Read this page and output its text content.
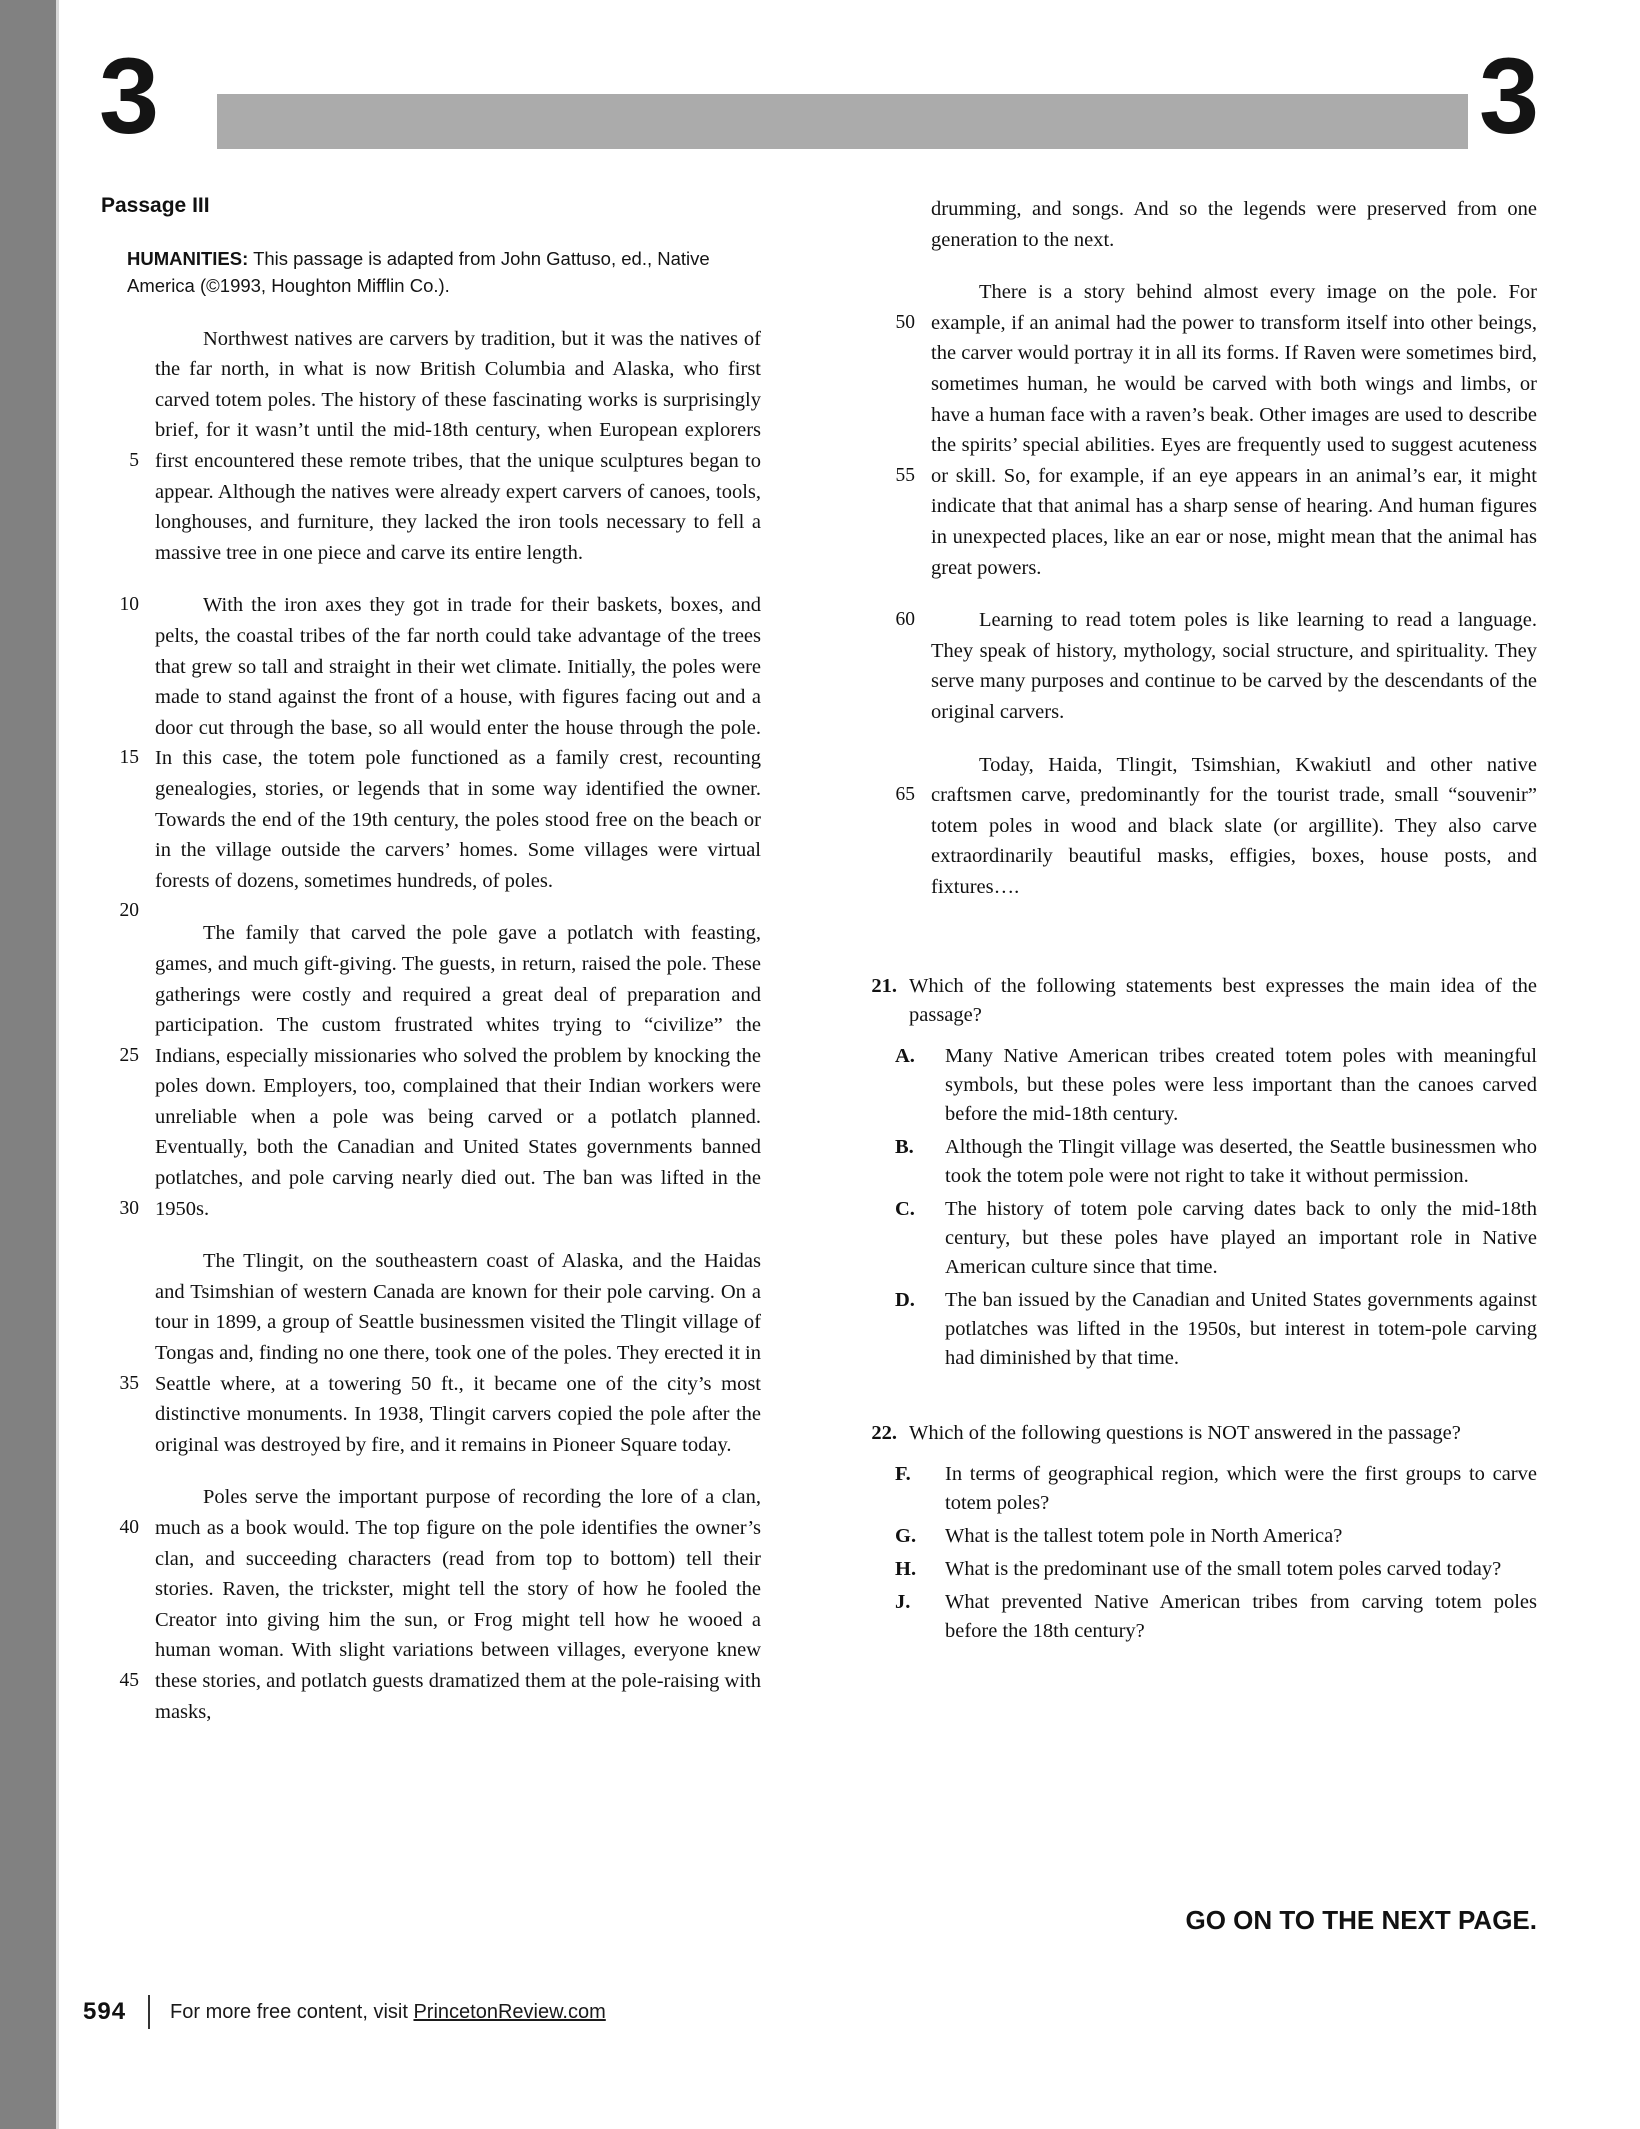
3	3
Passage III

HUMANITIES: This passage is adapted from John Gattuso, ed., Native America (©1993, Houghton Mifflin Co.).

5

Northwest natives are carvers by tradition, but it was the natives of the far north, in what is now British Columbia and Alaska, who first carved totem poles. The history of these fascinating works is surprisingly brief, for it wasn’t until the mid-18th century, when European explorers first encountered these remote tribes, that the unique sculptures began to appear. Although the natives were already expert carvers of canoes, tools, longhouses, and furniture, they lacked the iron tools necessary to fell a massive tree in one piece and carve its entire length.

10
15
20

With the iron axes they got in trade for their baskets, boxes, and pelts, the coastal tribes of the far north could take advantage of the trees that grew so tall and straight in their wet climate. Initially, the poles were made to stand against the front of a house, with figures facing out and a door cut through the base, so all would enter the house through the pole. In this case, the totem pole functioned as a family crest, recounting genealogies, stories, or legends that in some way identified the owner. Towards the end of the 19th century, the poles stood free on the beach or in the village outside the carvers’ homes. Some villages were virtual forests of dozens, sometimes hundreds, of poles.

25
30

The family that carved the pole gave a potlatch with feasting, games, and much gift-giving. The guests, in return, raised the pole. These gatherings were costly and required a great deal of preparation and participation. The custom frustrated whites trying to “civilize” the Indians, especially missionaries who solved the problem by knocking the poles down. Employers, too, complained that their Indian workers were unreliable when a pole was being carved or a potlatch planned. Eventually, both the Canadian and United States governments banned potlatches, and pole carving nearly died out. The ban was lifted in the 1950s.

35

The Tlingit, on the southeastern coast of Alaska, and the Haidas and Tsimshian of western Canada are known for their pole carving. On a tour in 1899, a group of Seattle businessmen visited the Tlingit village of Tongas and, finding no one there, took one of the poles. They erected it in Seattle where, at a towering 50 ft., it became one of the city’s most distinctive monuments. In 1938, Tlingit carvers copied the pole after the original was destroyed by fire, and it remains in Pioneer Square today.

40
45

Poles serve the important purpose of recording the lore of a clan, much as a book would. The top figure on the pole identifies the owner’s clan, and succeeding characters (read from top to bottom) tell their stories. Raven, the trickster, might tell the story of how he fooled the Creator into giving him the sun, or Frog might tell how he wooed a human woman. With slight variations between villages, everyone knew these stories, and potlatch guests dramatized them at the pole-raising with masks,

drumming, and songs. And so the legends were preserved from one generation to the next.

50
55

There is a story behind almost every image on the pole. For example, if an animal had the power to transform itself into other beings, the carver would portray it in all its forms. If Raven were sometimes bird, sometimes human, he would be carved with both wings and limbs, or have a human face with a raven’s beak. Other images are used to describe the spirits’ special abilities. Eyes are frequently used to suggest acuteness or skill. So, for example, if an eye appears in an animal’s ear, it might indicate that that animal has a sharp sense of hearing. And human figures in unexpected places, like an ear or nose, might mean that the animal has great powers.

60	Learning to read totem poles is like learning to read a language. They speak of history, mythology, social structure, and spirituality. They serve many purposes and continue to be carved by the descendants of the original carvers.

65

Today, Haida, Tlingit, Tsimshian, Kwakiutl and other native craftsmen carve, predominantly for the tourist trade, small “souvenir” totem poles in wood and black slate (or argillite). They also carve extraordinarily beautiful masks, effigies, boxes, house posts, and fixtures….

21. Which of the following statements best expresses the main idea of the passage?

A.	Many Native American tribes created totem poles with meaningful symbols, but these poles were less important than the canoes carved before the mid-18th century.

B.	Although the Tlingit village was deserted, the Seattle businessmen who took the totem pole were not right to take it without permission.

C.	The history of totem pole carving dates back to only the mid-18th century, but these poles have played an important role in Native American culture since that time.

D.	The ban issued by the Canadian and United States governments against potlatches was lifted in the 1950s, but interest in totem-pole carving had diminished by that time.

22. Which of the following questions is NOT answered in the passage?

F.	In terms of geographical region, which were the first groups to carve totem poles?

G.	What is the tallest totem pole in North America?

H.	What is the predominant use of the small totem poles carved today?

J.	What prevented Native American tribes from carving totem poles before the 18th century?

GO ON TO THE NEXT PAGE.
594 For more free content, visit PrincetonReview.com
